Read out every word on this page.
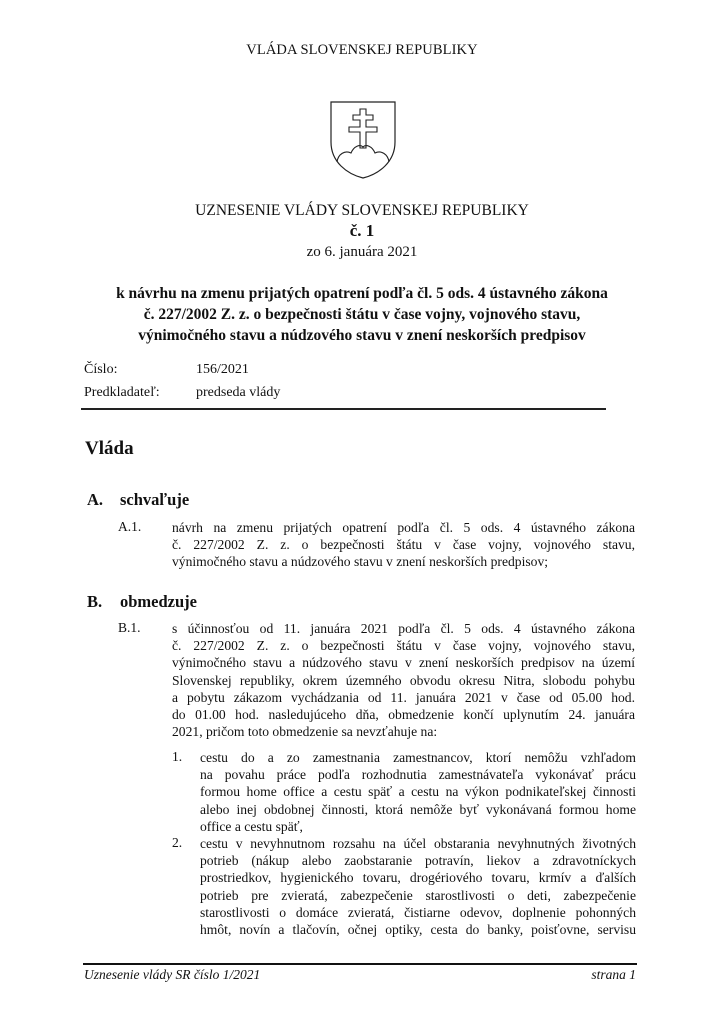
VLÁDA SLOVENSKEJ REPUBLIKY
UZNESENIE VLÁDY SLOVENSKEJ REPUBLIKY
č. 1
zo 6. januára 2021
k návrhu na zmenu prijatých opatrení podľa čl. 5 ods. 4 ústavného zákona
č. 227/2002 Z. z. o bezpečnosti štátu v čase vojny, vojnového stavu,
výnimočného stavu a núdzového stavu v znení neskorších predpisov
Číslo:	156/2021
Predkladateľ:	predseda vlády
Vláda
A. schvaľuje
A.1. návrh na zmenu prijatých opatrení podľa čl. 5 ods. 4 ústavného zákona
č. 227/2002 Z. z. o bezpečnosti štátu v čase vojny, vojnového stavu,
výnimočného stavu a núdzového stavu v znení neskorších predpisov;
B. obmedzuje
B.1. s účinnosťou od 11. januára 2021 podľa čl. 5 ods. 4 ústavného zákona
č. 227/2002 Z. z. o bezpečnosti štátu v čase vojny, vojnového stavu,
výnimočného stavu a núdzového stavu v znení neskorších predpisov na území
Slovenskej republiky, okrem územného obvodu okresu Nitra, slobodu pohybu
a pobytu zákazom vychádzania od 11. januára 2021 v čase od 05.00 hod.
do 01.00 hod. nasledujúceho dňa, obmedzenie končí uplynutím 24. januára
2021, pričom toto obmedzenie sa nevzťahuje na:
1. cestu do a zo zamestnania zamestnancov, ktorí nemôžu vzhľadom
na povahu práce podľa rozhodnutia zamestnávateľa vykonávať prácu
formou home office a cestu späť a cestu na výkon podnikateľskej činnosti
alebo inej obdobnej činnosti, ktorá nemôže byť vykonávaná formou home
office a cestu späť,
2. cestu v nevyhnutnom rozsahu na účel obstarania nevyhnutných životných
potrieb (nákup alebo zaobstaranie potravín, liekov a zdravotníckych
prostriedkov, hygienického tovaru, drogériového tovaru, krmív a ďalších
potrieb pre zvieratá, zabezpečenie starostlivosti o deti, zabezpečenie
starostlivosti o domáce zvieratá, čistiarne odevov, doplnenie pohonných
hmôt, novín a tlačovín, očnej optiky, cesta do banky, poisťovne, servisu
Uznesenie vlády SR číslo 1/2021	strana 1
